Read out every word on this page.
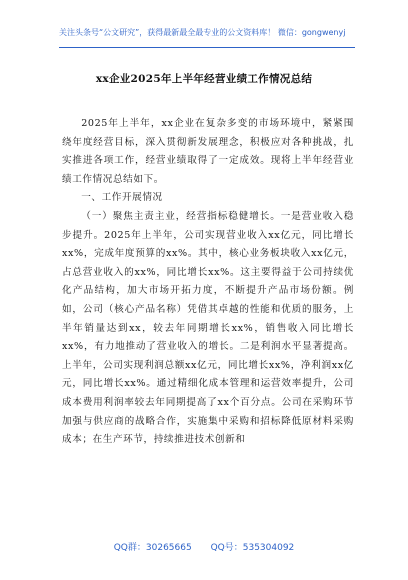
关注头条号“公文研究”，获得最新最全最专业的公文资料库！ 微信：gongwenyj
xx企业2025年上半年经营业绩工作情况总结

2025年上半年，xx企业在复杂多变的市场环境中，紧紧围绕年度经营目标，深入贯彻新发展理念，积极应对各种挑战，扎实推进各项工作，经营业绩取得了一定成效。现将上半年经营业绩工作情况总结如下。

一、工作开展情况

（一）聚焦主责主业，经营指标稳健增长。一是营业收入稳步提升。2025年上半年，公司实现营业收入xx亿元，同比增长xx%，完成年度预算的xx%。其中，核心业务板块收入xx亿元，占总营业收入的xx%，同比增长xx%。这主要得益于公司持续优化产品结构，加大市场开拓力度，不断提升产品市场份额。例如，公司（核心产品名称）凭借其卓越的性能和优质的服务，上半年销量达到xx，较去年同期增长xx%，销售收入同比增长xx%，有力地推动了营业收入的增长。二是利润水平显著提高。上半年，公司实现利润总额xx亿元，同比增长xx%，净利润xx亿元，同比增长xx%。通过精细化成本管理和运营效率提升，公司成本费用利润率较去年同期提高了xx个百分点。公司在采购环节加强与供应商的战略合作，实施集中采购和招标降低原材料采购成本；在生产环节，持续推进技术创新和

QQ群：30265665 QQ号：535304092
